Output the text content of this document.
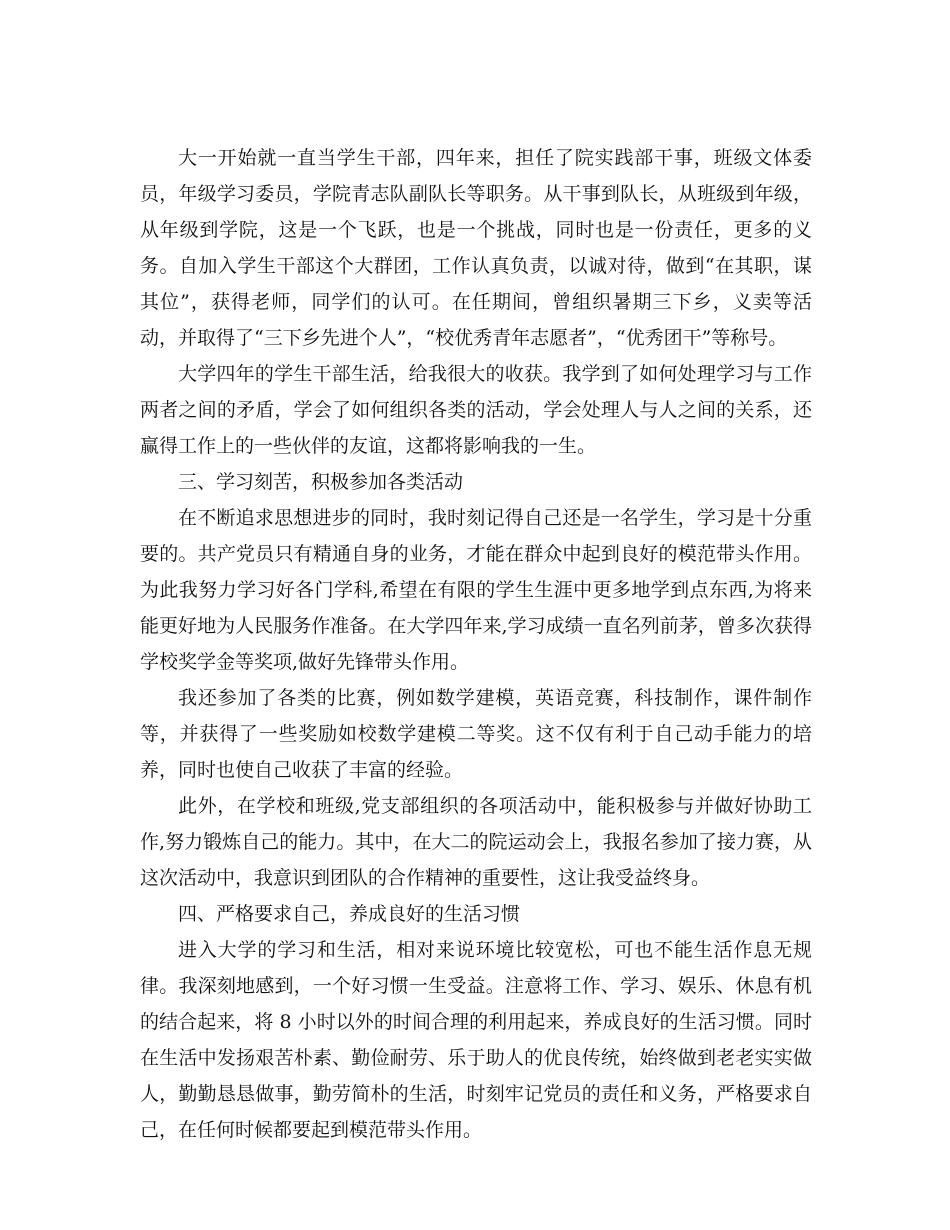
大一开始就一直当学生干部，四年来，担任了院实践部干事，班级文体委员，年级学习委员，学院青志队副队长等职务。从干事到队长，从班级到年级，从年级到学院，这是一个飞跃，也是一个挑战，同时也是一份责任，更多的义务。自加入学生干部这个大群团，工作认真负责，以诚对待，做到“在其职，谋其位”，获得老师，同学们的认可。在任期间，曾组织暑期三下乡，义卖等活动，并取得了“三下乡先进个人”，“校优秀青年志愿者”，“优秀团干”等称号。

大学四年的学生干部生活，给我很大的收获。我学到了如何处理学习与工作两者之间的矛盾，学会了如何组织各类的活动，学会处理人与人之间的关系，还赢得工作上的一些伙伴的友谊，这都将影响我的一生。

三、学习刻苦，积极参加各类活动

在不断追求思想进步的同时，我时刻记得自己还是一名学生，学习是十分重要的。共产党员只有精通自身的业务，才能在群众中起到良好的模范带头作用。为此我努力学习好各门学科,希望在有限的学生生涯中更多地学到点东西,为将来能更好地为人民服务作准备。在大学四年来,学习成绩一直名列前茅，曾多次获得学校奖学金等奖项,做好先锋带头作用。

我还参加了各类的比赛，例如数学建模，英语竞赛，科技制作，课件制作等，并获得了一些奖励如校数学建模二等奖。这不仅有利于自己动手能力的培养，同时也使自己收获了丰富的经验。

此外，在学校和班级,党支部组织的各项活动中，能积极参与并做好协助工作,努力锻炼自己的能力。其中，在大二的院运动会上，我报名参加了接力赛，从这次活动中，我意识到团队的合作精神的重要性，这让我受益终身。

四、严格要求自己，养成良好的生活习惯

进入大学的学习和生活，相对来说环境比较宽松，可也不能生活作息无规律。我深刻地感到，一个好习惯一生受益。注意将工作、学习、娱乐、休息有机的结合起来，将 8 小时以外的时间合理的利用起来，养成良好的生活习惯。同时在生活中发扬艰苦朴素、勤俭耐劳、乐于助人的优良传统，始终做到老老实实做人，勤勤恳恳做事，勤劳简朴的生活，时刻牢记党员的责任和义务，严格要求自己，在任何时候都要起到模范带头作用。
